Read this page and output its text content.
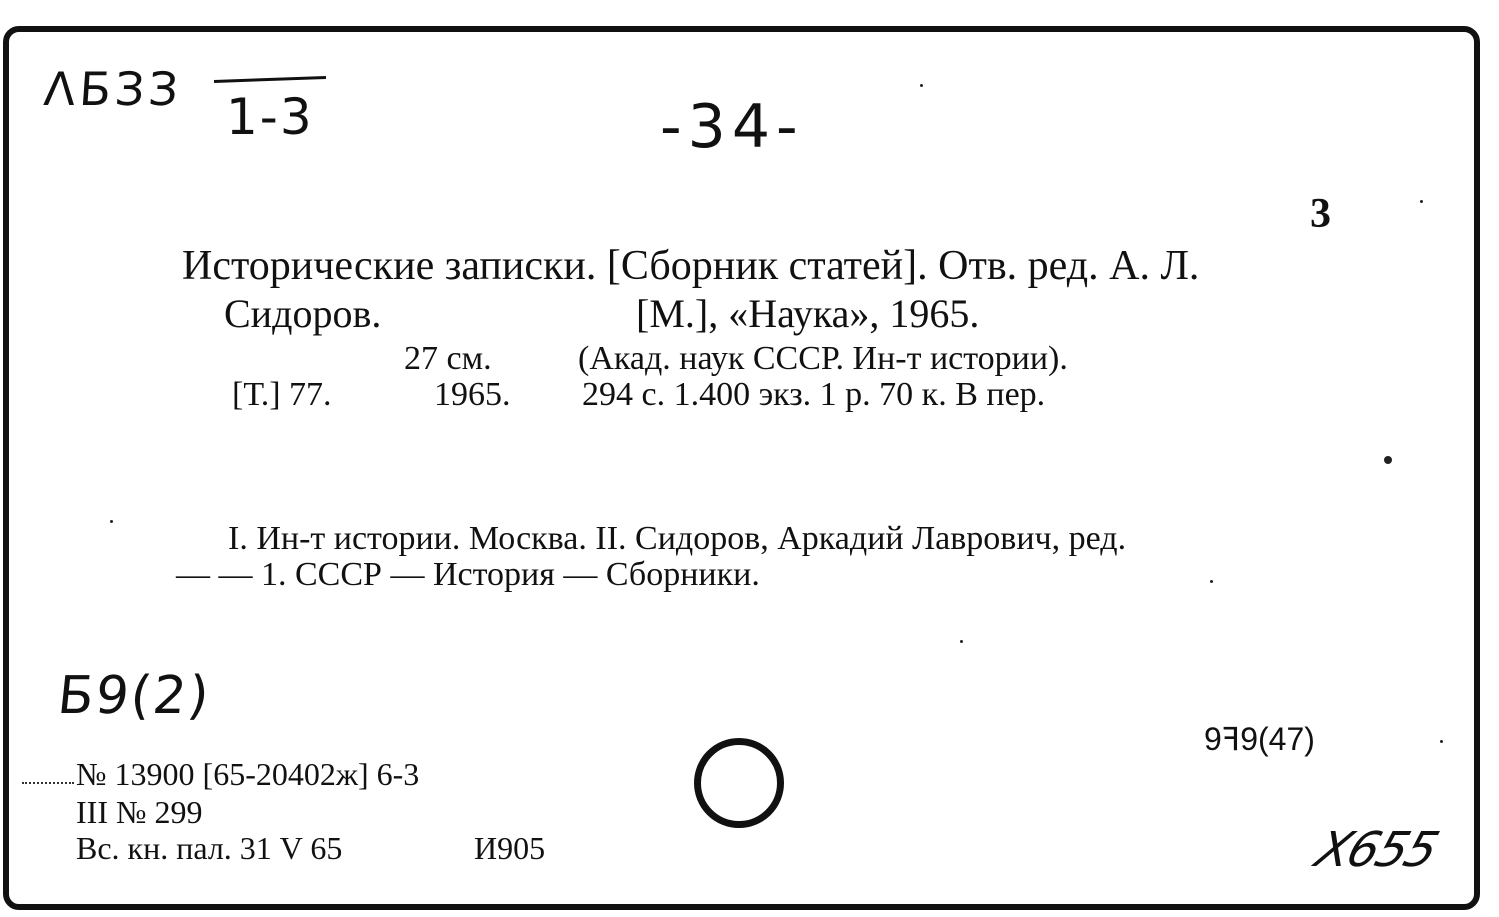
ΛБЗЗ 1-3	-34-
Б9(2)
X655
3
Исторические записки. [Сборник статей]. Отв. ред. А. Л.
Сидоров.	[М.], «Наука», 1965.
27 см.	(Акад. наук СССР. Ин-т истории).
[Т.] 77.	1965. 294 с. 1.400 экз. 1 р. 70 к. В пер.
I. Ин-т истории. Москва. II. Сидоров, Аркадий Лаврович, ред.
— — 1. СССР — История — Сборники.
9ꟻ9(47)
№ 13900 [65-20402ж] 6-3
III № 299
Вс. кн. пал. 31 V 65	И905
